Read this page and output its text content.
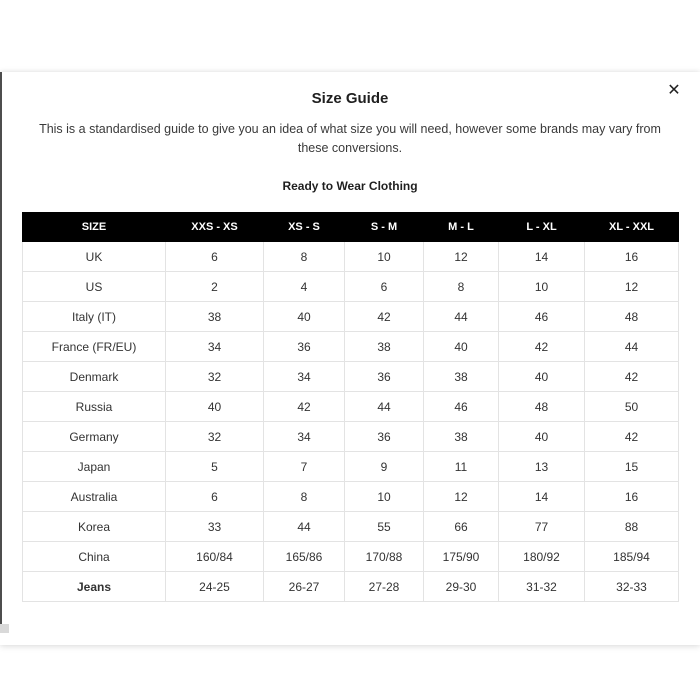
✕
Size Guide
This is a standardised guide to give you an idea of what size you will need, however some brands may vary from these conversions.
Ready to Wear Clothing
SIZE	XXS - XS	XS - S	S - M	M - L	L - XL	XL - XXL
UK	6	8	10	12	14	16
US	2	4	6	8	10	12
Italy (IT)	38	40	42	44	46	48
France (FR/EU)	34	36	38	40	42	44
Denmark	32	34	36	38	40	42
Russia	40	42	44	46	48	50
Germany	32	34	36	38	40	42
Japan	5	7	9	11	13	15
Australia	6	8	10	12	14	16
Korea	33	44	55	66	77	88
China	160/84	165/86	170/88	175/90	180/92	185/94
Jeans	24-25	26-27	27-28	29-30	31-32	32-33
